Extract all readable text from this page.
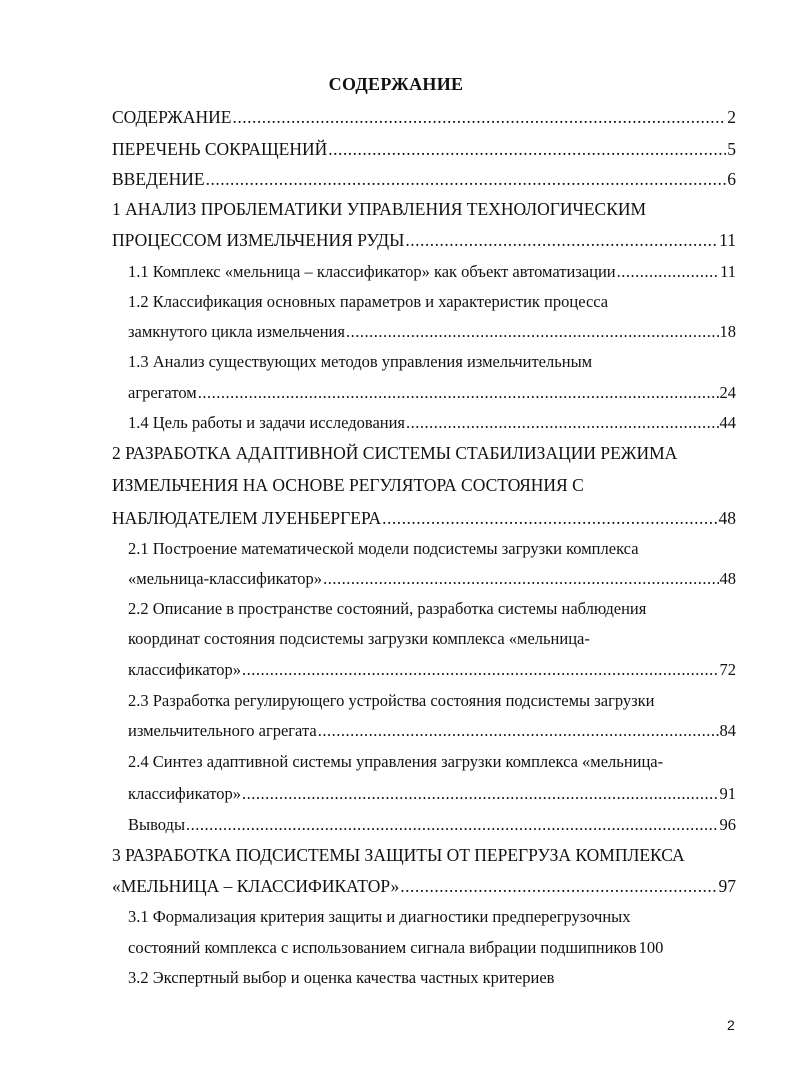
СОДЕРЖАНИЕ
СОДЕРЖАНИЕ .....	2
ПЕРЕЧЕНЬ СОКРАЩЕНИЙ .....	5
ВВЕДЕНИЕ .....	6
1 АНАЛИЗ ПРОБЛЕМАТИКИ УПРАВЛЕНИЯ ТЕХНОЛОГИЧЕСКИМ
ПРОЦЕССОМ ИЗМЕЛЬЧЕНИЯ РУДЫ .....	11
1.1 Комплекс «мельница – классификатор» как объект автоматизации .....	11
1.2 Классификация основных параметров и характеристик процесса
замкнутого цикла измельчения .....	18
1.3 Анализ существующих методов управления измельчительным
агрегатом .....	24
1.4 Цель работы и задачи исследования .....	44
2 РАЗРАБОТКА АДАПТИВНОЙ СИСТЕМЫ СТАБИЛИЗАЦИИ РЕЖИМА
ИЗМЕЛЬЧЕНИЯ НА ОСНОВЕ РЕГУЛЯТОРА СОСТОЯНИЯ С
НАБЛЮДАТЕЛЕМ ЛУЕНБЕРГЕРА .....	48
2.1 Построение математической модели подсистемы загрузки комплекса
«мельница-классификатор» .....	48
2.2 Описание в пространстве состояний, разработка системы наблюдения
координат состояния подсистемы загрузки комплекса «мельница-
классификатор» .....	72
2.3 Разработка регулирующего устройства состояния подсистемы загрузки
измельчительного агрегата .....	84
2.4 Синтез адаптивной системы управления загрузки комплекса «мельница-
классификатор» .....	91
Выводы .....	96
3 РАЗРАБОТКА ПОДСИСТЕМЫ ЗАЩИТЫ ОТ ПЕРЕГРУЗА КОМПЛЕКСА
«МЕЛЬНИЦА – КЛАССИФИКАТОР» .....	97
3.1 Формализация критерия защиты и диагностики предперегрузочных
состояний комплекса с использованием сигнала вибрации подшипников 100
3.2 Экспертный выбор и оценка качества частных критериев
2
